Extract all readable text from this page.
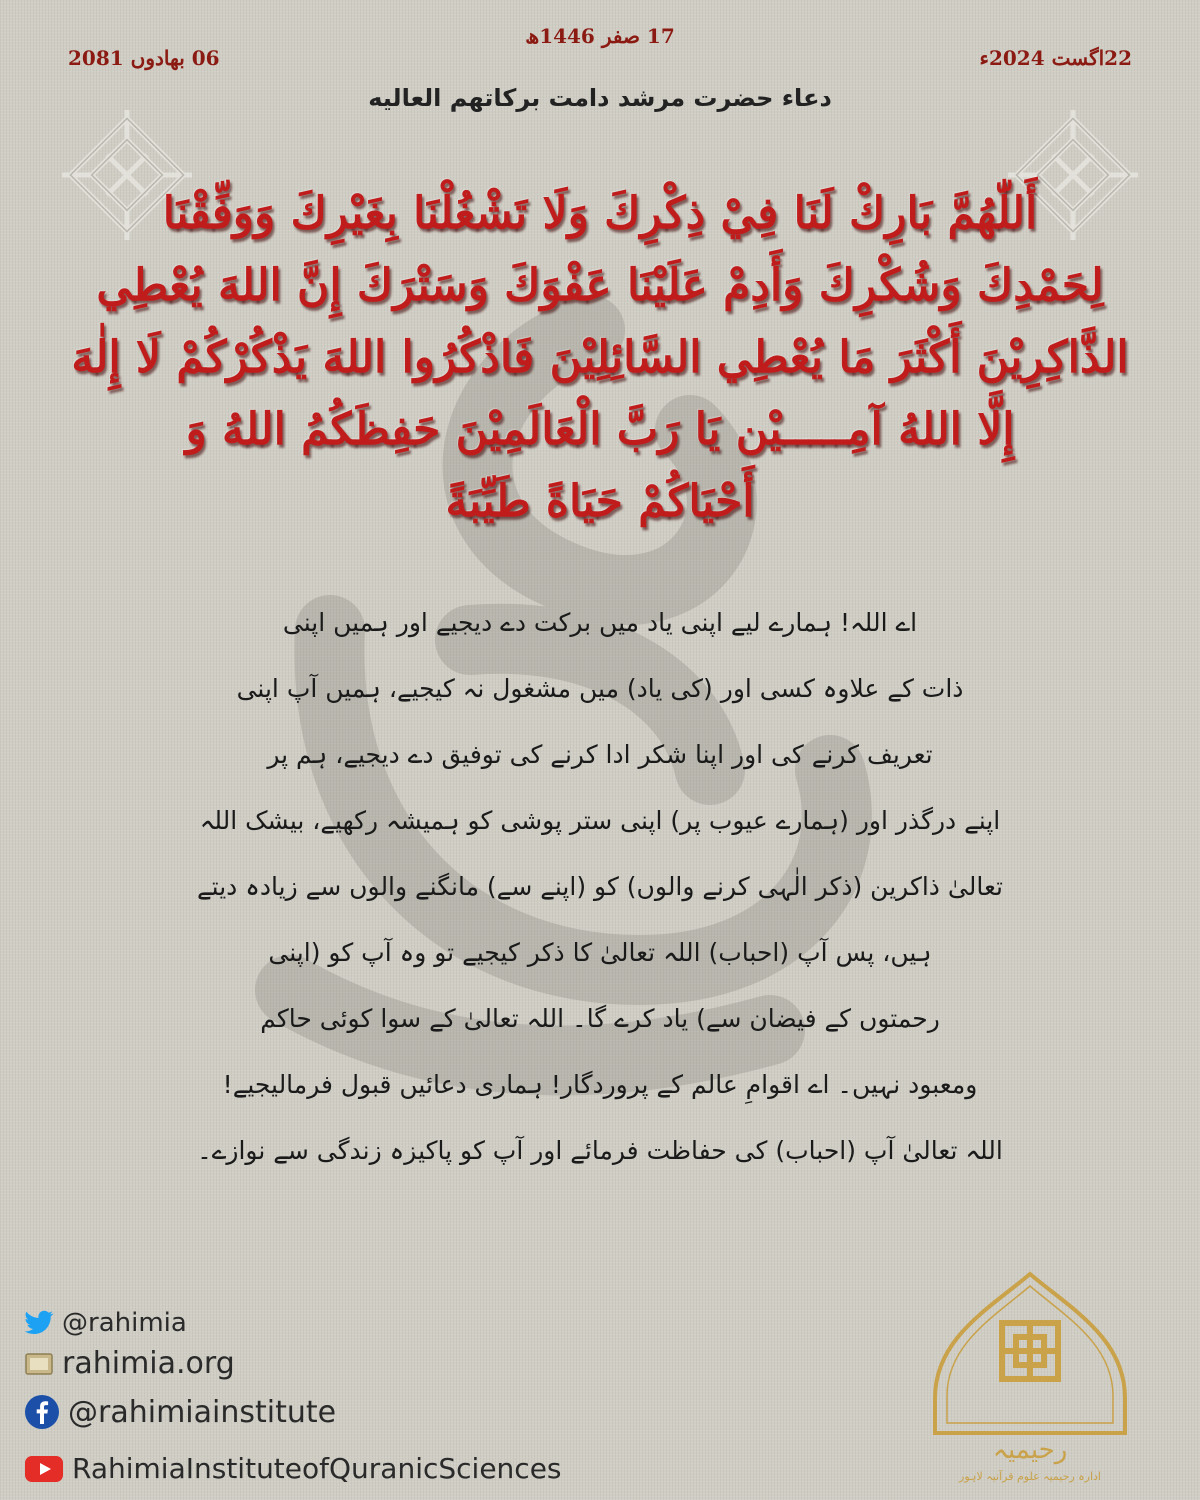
17 صفر 1446ھ
22اگست 2024ء
06 بھادوں 2081
دعاء حضرت مرشد دامت برکاتھم العالیه
أَللّٰهُمَّ بَارِكْ لَنَا فِيْ ذِكْرِكَ وَلَا تَشْغُلْنَا بِغَيْرِكَ وَوَفِّقْنَا
لِحَمْدِكَ وَشُكْرِكَ وَأَدِمْ عَلَيْنَا عَفْوَكَ وَسَتْرَكَ إِنَّ اللهَ يُعْطِي
الذَّاكِرِيْنَ أَكْثَرَ مَا يُعْطِي السَّائِلِيْنَ فَاذْكُرُوا اللهَ يَذْكُرْكُمْ لَا إِلٰهَ
إِلَّا اللهُ آمِـــــيْن يَا رَبَّ الْعَالَمِيْنَ حَفِظَكُمُ اللهُ وَ
أَحْيَاكُمْ حَيَاةً طَيِّبَةً
اے اللہ! ہمارے لیے اپنی یاد میں برکت دے دیجیے اور ہمیں اپنی
ذات کے علاوہ کسی اور (کی یاد) میں مشغول نہ کیجیے، ہمیں آپ اپنی
تعریف کرنے کی اور اپنا شکر ادا کرنے کی توفیق دے دیجیے، ہم پر
اپنے درگذر اور (ہمارے عیوب پر) اپنی ستر پوشی کو ہمیشہ رکھیے، بیشک اللہ
تعالیٰ ذاکرین (ذکر الٰہی کرنے والوں) کو (اپنے سے) مانگنے والوں سے زیادہ دیتے
ہیں، پس آپ (احباب) اللہ تعالیٰ کا ذکر کیجیے تو وہ آپ کو (اپنی
رحمتوں کے فیضان سے) یاد کرے گا۔ اللہ تعالیٰ کے سوا کوئی حاکم
ومعبود نہیں۔ اے اقوامِ عالم کے پروردگار! ہماری دعائیں قبول فرمالیجیے!
اللہ تعالیٰ آپ (احباب) کی حفاظت فرمائے اور آپ کو پاکیزہ زندگی سے نوازے۔
@rahimia
rahimia.org
@rahimiainstitute
RahimiaInstituteofQuranicSciences
رحیمیہ
ادارہ رحیمیہ علوم قرآنیہ لاہور
